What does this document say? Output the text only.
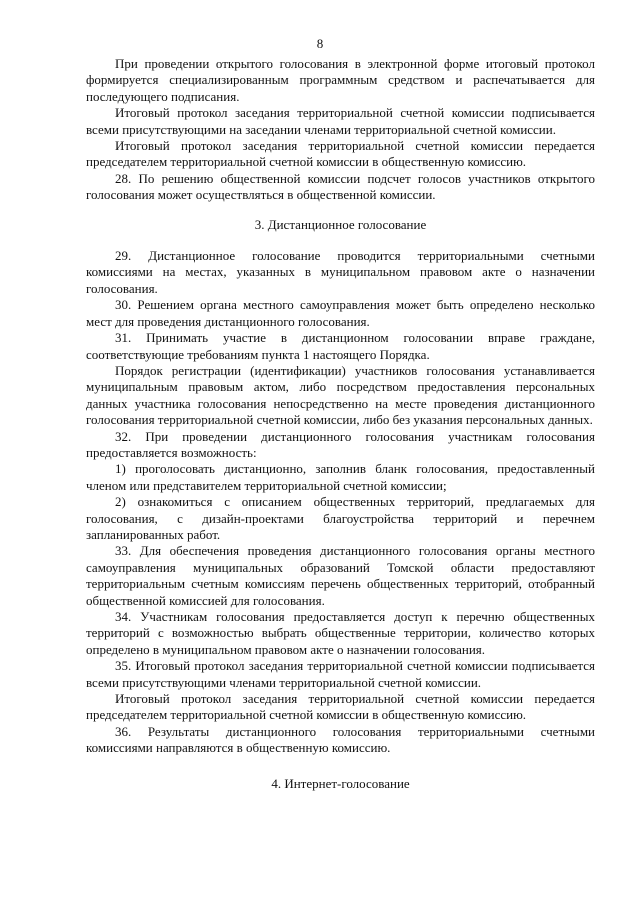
8

При проведении открытого голосования в электронной форме итоговый протокол формируется специализированным программным средством и распечатывается для последующего подписания.

Итоговый протокол заседания территориальной счетной комиссии подписывается всеми присутствующими на заседании членами территориальной счетной комиссии.

Итоговый протокол заседания территориальной счетной комиссии передается председателем территориальной счетной комиссии в общественную комиссию.

28. По решению общественной комиссии подсчет голосов участников открытого голосования может осуществляться в общественной комиссии.

3. Дистанционное голосование

29. Дистанционное голосование проводится территориальными счетными комиссиями на местах, указанных в муниципальном правовом акте о назначении голосования.

30. Решением органа местного самоуправления может быть определено несколько мест для проведения дистанционного голосования.

31. Принимать участие в дистанционном голосовании вправе граждане, соответствующие требованиям пункта 1 настоящего Порядка.

Порядок регистрации (идентификации) участников голосования устанавливается муниципальным правовым актом, либо посредством предоставления персональных данных участника голосования непосредственно на месте проведения дистанционного голосования территориальной счетной комиссии, либо без указания персональных данных.

32. При проведении дистанционного голосования участникам голосования предоставляется возможность:

1) проголосовать дистанционно, заполнив бланк голосования, предоставленный членом или представителем территориальной счетной комиссии;

2) ознакомиться с описанием общественных территорий, предлагаемых для голосования, с дизайн-проектами благоустройства территорий и перечнем запланированных работ.

33. Для обеспечения проведения дистанционного голосования органы местного самоуправления муниципальных образований Томской области предоставляют территориальным счетным комиссиям перечень общественных территорий, отобранный общественной комиссией для голосования.

34. Участникам голосования предоставляется доступ к перечню общественных территорий с возможностью выбрать общественные территории, количество которых определено в муниципальном правовом акте о назначении голосования.

35. Итоговый протокол заседания территориальной счетной комиссии подписывается всеми присутствующими членами территориальной счетной комиссии.

Итоговый протокол заседания территориальной счетной комиссии передается председателем территориальной счетной комиссии в общественную комиссию.

36. Результаты дистанционного голосования территориальными счетными комиссиями направляются в общественную комиссию.

4. Интернет-голосование
